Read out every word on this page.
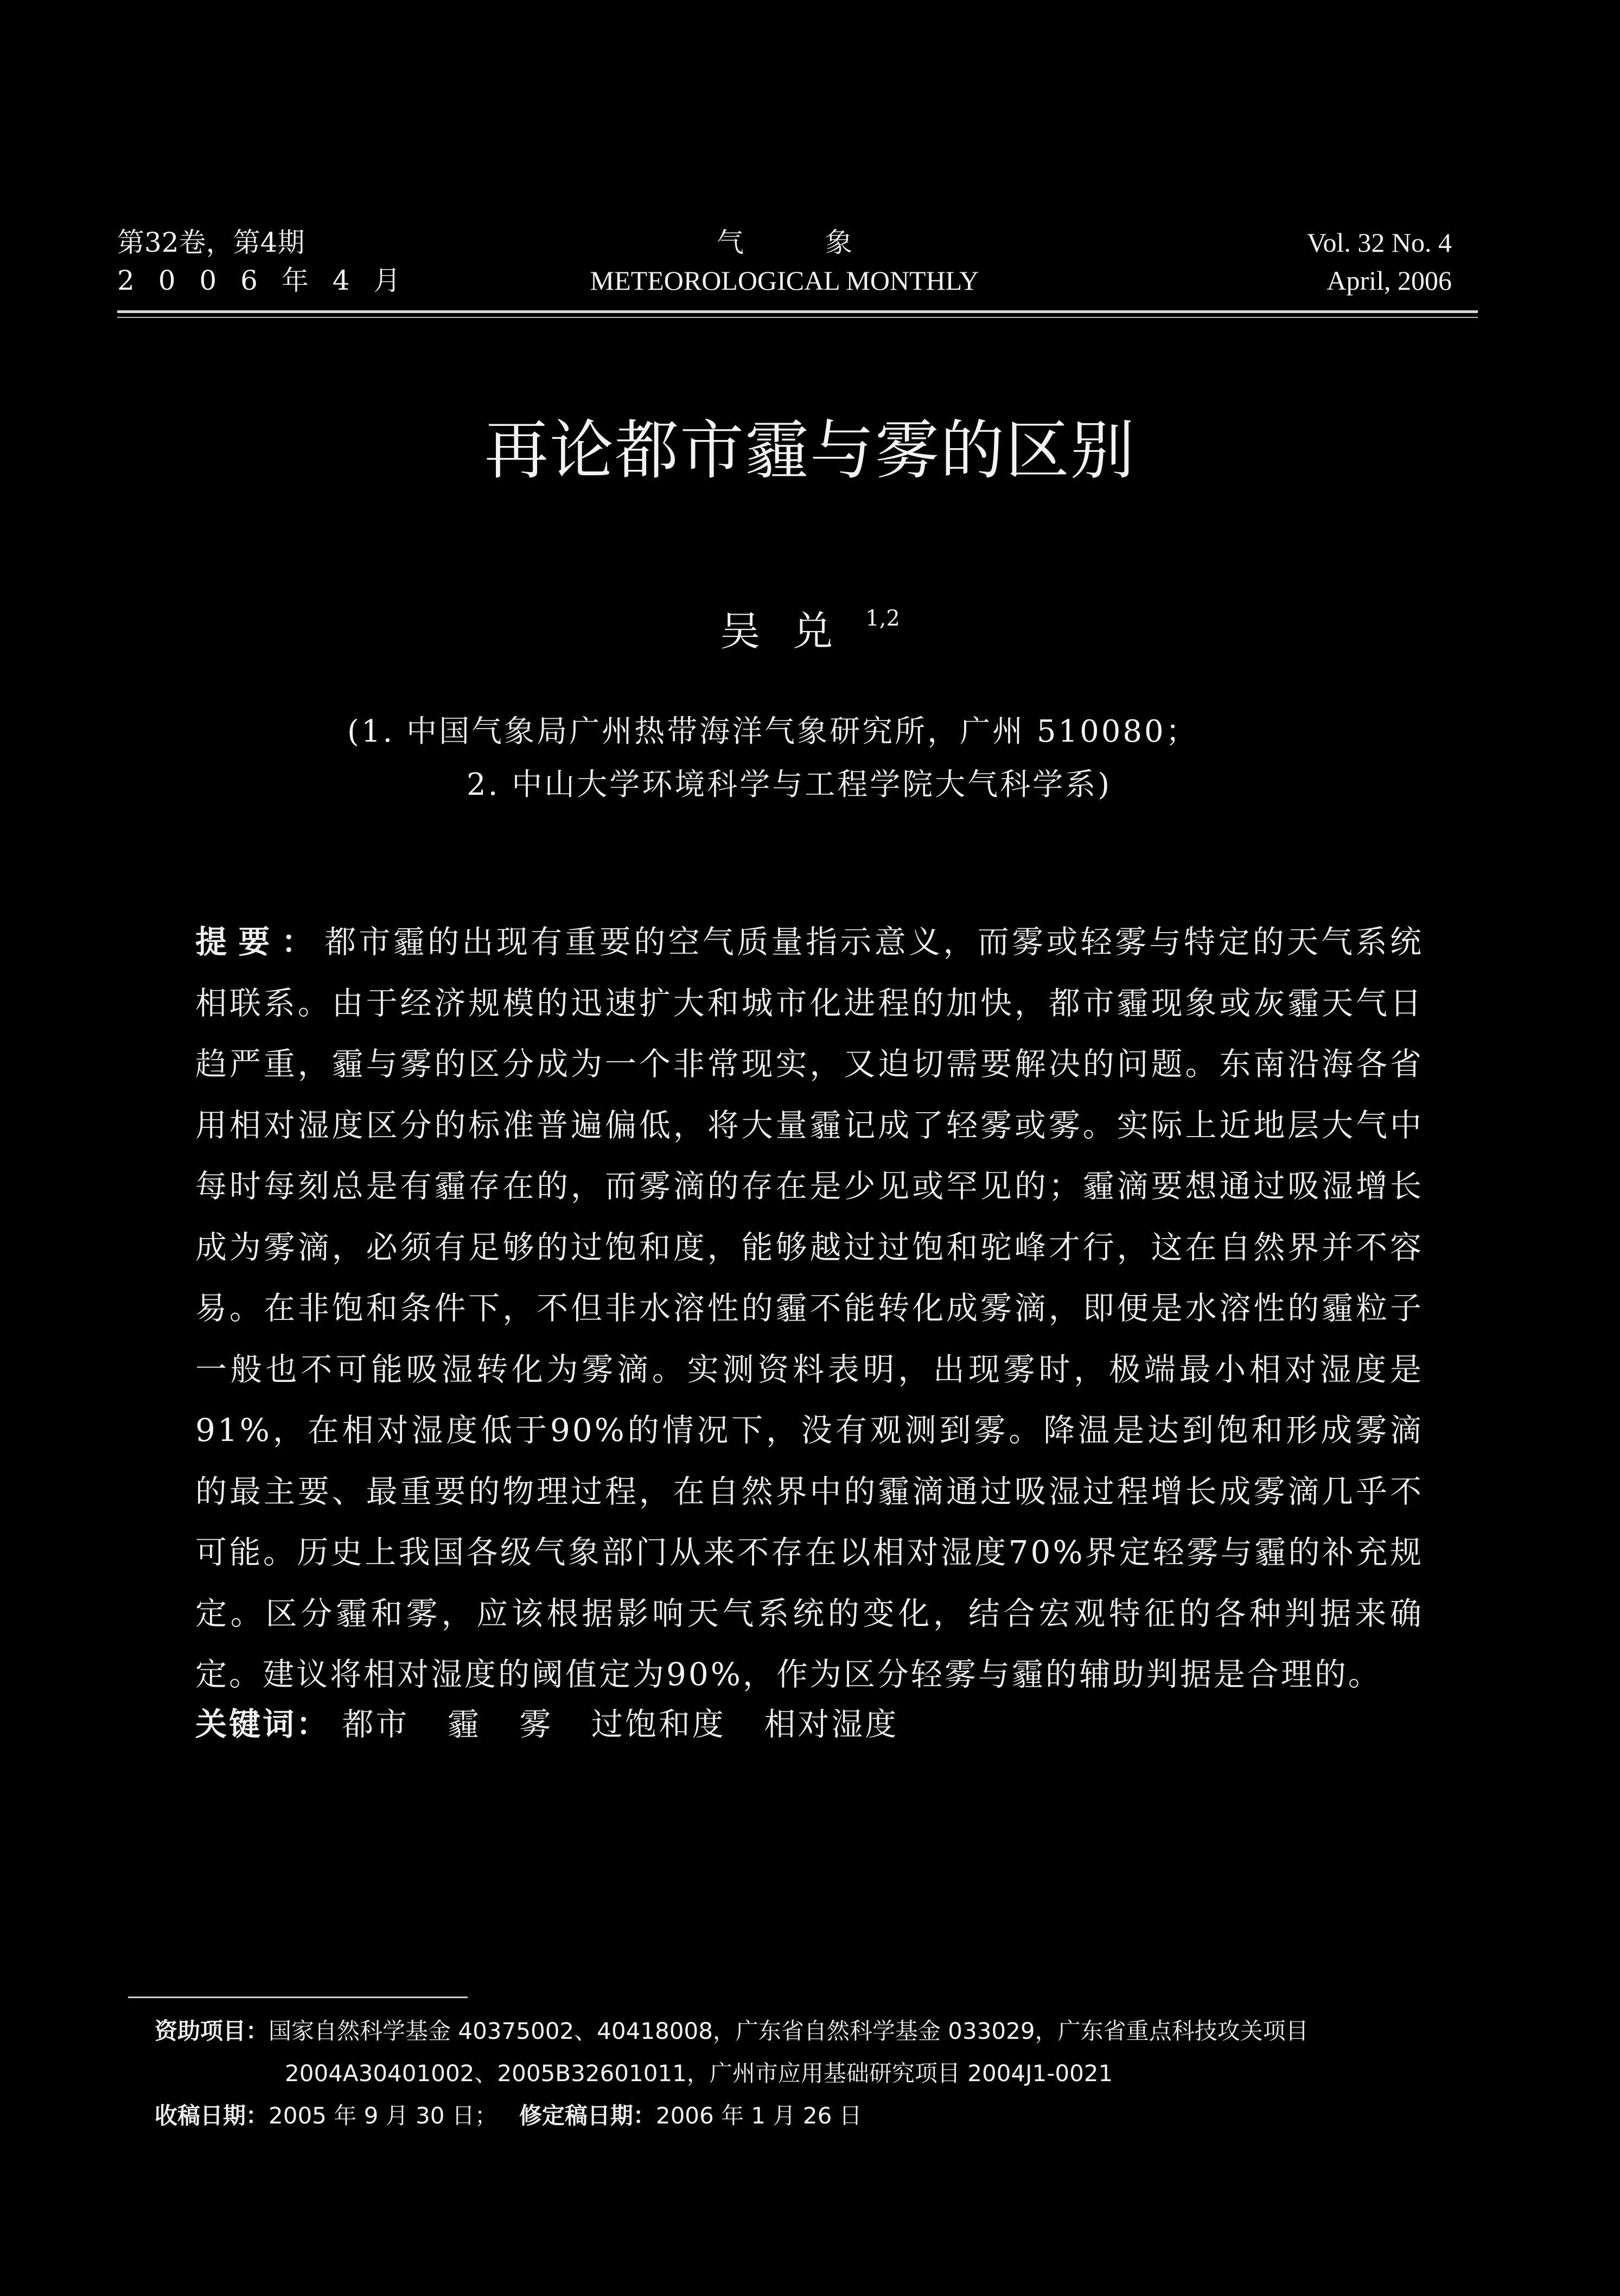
第32卷，第4期
2 0 0 6 年 4 月
气象
METEOROLOGICAL MONTHLY
Vol. 32 No. 4
April, 2006
再论都市霾与雾的区别
吴兑$^{1,2}$
(1. 中国气象局广州热带海洋气象研究所，广州 510080；
2. 中山大学环境科学与工程学院大气科学系)
提要：都市霾的出现有重要的空气质量指示意义，而雾或轻雾与特定的天气系统相联系。由于经济规模的迅速扩大和城市化进程的加快，都市霾现象或灰霾天气日趋严重，霾与雾的区分成为一个非常现实，又迫切需要解决的问题。东南沿海各省用相对湿度区分的标准普遍偏低，将大量霾记成了轻雾或雾。实际上近地层大气中每时每刻总是有霾存在的，而雾滴的存在是少见或罕见的；霾滴要想通过吸湿增长成为雾滴，必须有足够的过饱和度，能够越过过饱和驼峰才行，这在自然界并不容易。在非饱和条件下，不但非水溶性的霾不能转化成雾滴，即便是水溶性的霾粒子一般也不可能吸湿转化为雾滴。实测资料表明，出现雾时，极端最小相对湿度是91%，在相对湿度低于90%的情况下，没有观测到雾。降温是达到饱和形成雾滴的最主要、最重要的物理过程，在自然界中的霾滴通过吸湿过程增长成雾滴几乎不可能。历史上我国各级气象部门从来不存在以相对湿度70%界定轻雾与霾的补充规定。区分霾和雾，应该根据影响天气系统的变化，结合宏观特征的各种判据来确定。建议将相对湿度的阈值定为90%，作为区分轻雾与霾的辅助判据是合理的。
关键词： 都市 霾 雾 过饱和度 相对湿度
资助项目：国家自然科学基金 40375002、40418008，广东省自然科学基金 033029，广东省重点科技攻关项目
2004A30401002、2005B32601011，广州市应用基础研究项目 2004J1-0021
收稿日期：2005 年 9 月 30 日； 修定稿日期：2006 年 1 月 26 日
